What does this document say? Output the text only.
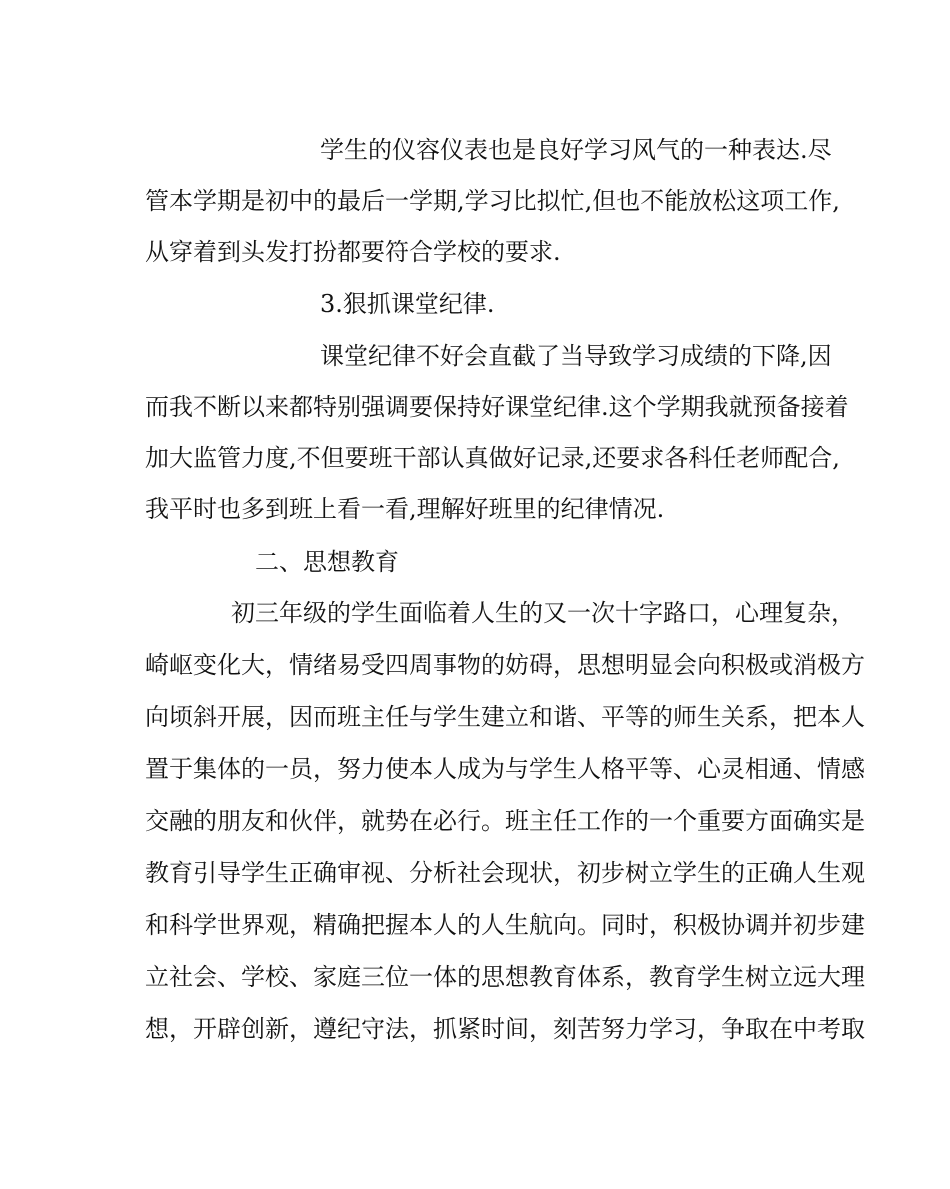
学生的仪容仪表也是良好学习风气的一种表达.尽
管本学期是初中的最后一学期,学习比拟忙,但也不能放松这项工作,
从穿着到头发打扮都要符合学校的要求.
3.狠抓课堂纪律.
课堂纪律不好会直截了当导致学习成绩的下降,因
而我不断以来都特别强调要保持好课堂纪律.这个学期我就预备接着
加大监管力度,不但要班干部认真做好记录,还要求各科任老师配合,
我平时也多到班上看一看,理解好班里的纪律情况.
二、思想教育
初三年级的学生面临着人生的又一次十字路口，心理复杂，
崎岖变化大，情绪易受四周事物的妨碍，思想明显会向积极或消极方
向顷斜开展，因而班主任与学生建立和谐、平等的师生关系，把本人
置于集体的一员，努力使本人成为与学生人格平等、心灵相通、情感
交融的朋友和伙伴，就势在必行。班主任工作的一个重要方面确实是
教育引导学生正确审视、分析社会现状，初步树立学生的正确人生观
和科学世界观，精确把握本人的人生航向。同时，积极协调并初步建
立社会、学校、家庭三位一体的思想教育体系，教育学生树立远大理
想，开辟创新，遵纪守法，抓紧时间，刻苦努力学习，争取在中考取
